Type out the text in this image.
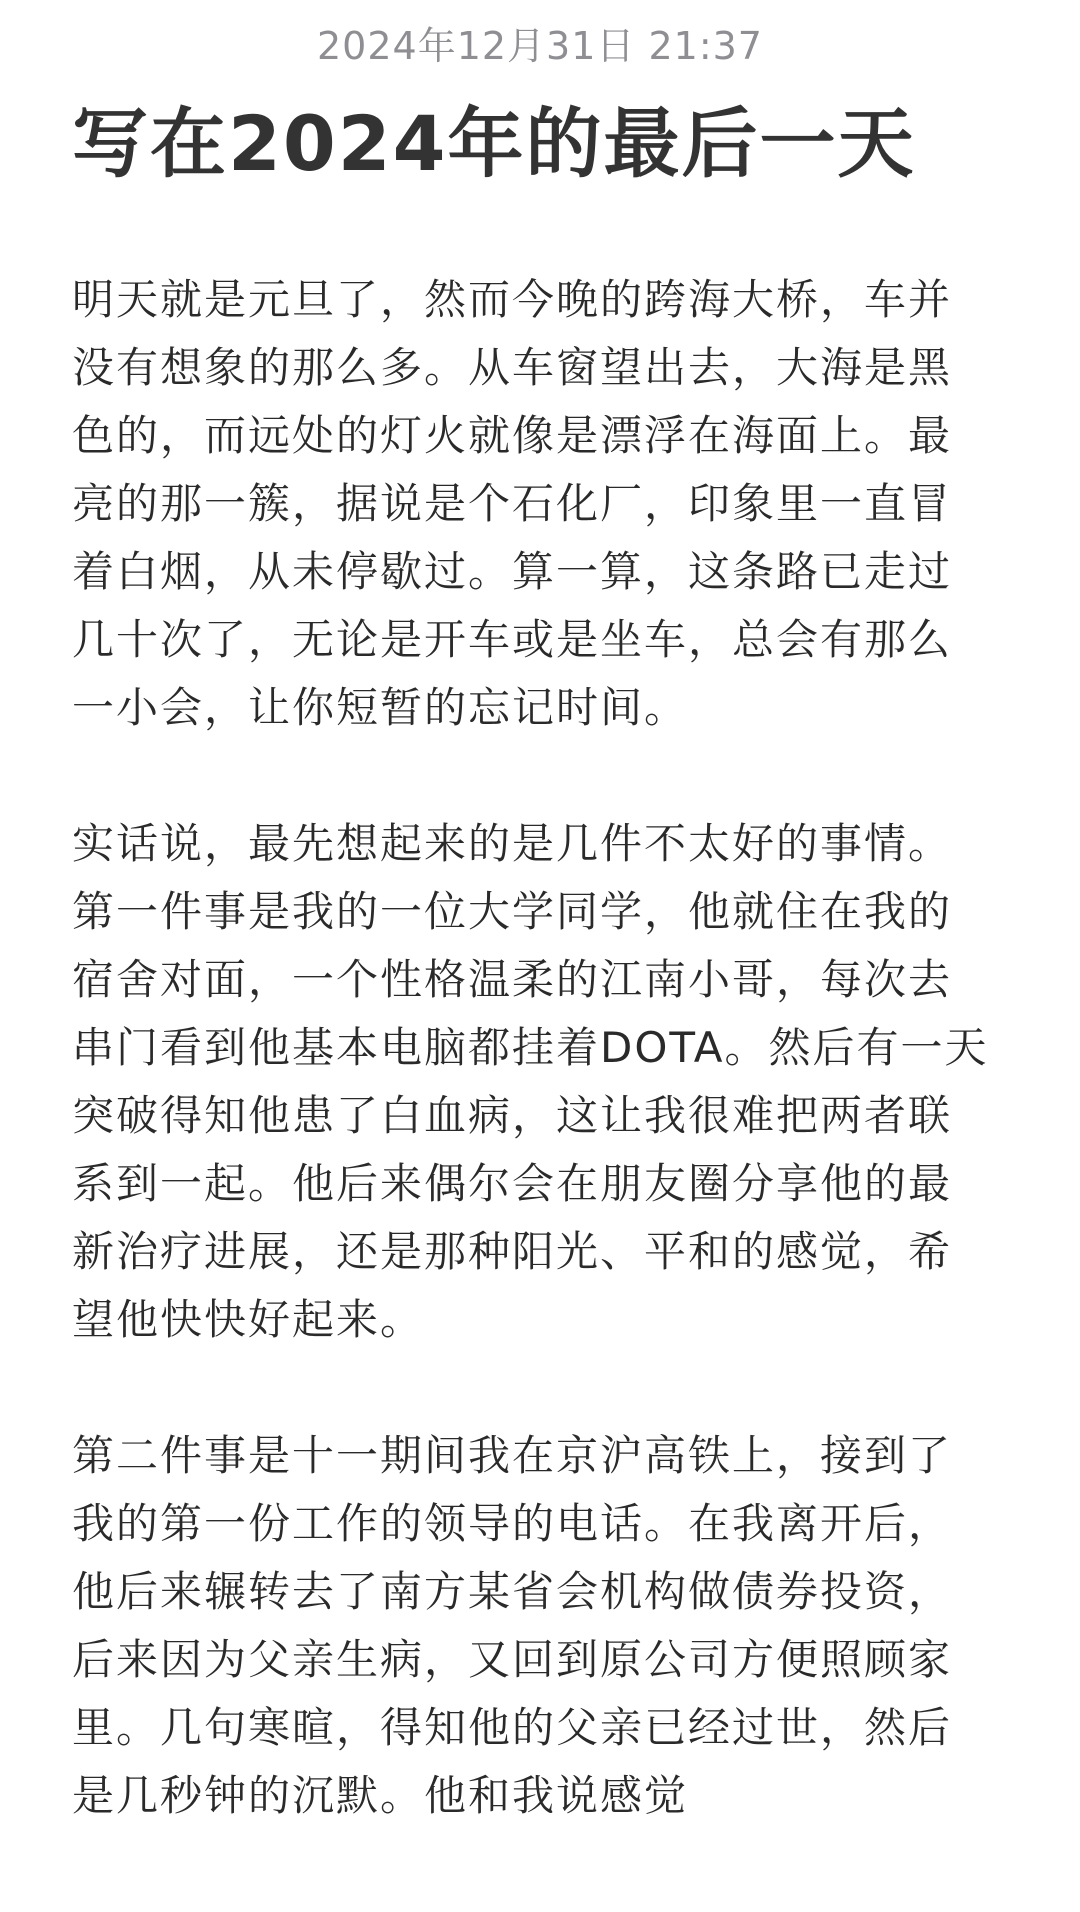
2024年12月31日 21:37
写在2024年的最后一天

明天就是元旦了，然而今晚的跨海大桥，车并没有想象的那么多。从车窗望出去，大海是黑色的，而远处的灯火就像是漂浮在海面上。最亮的那一簇，据说是个石化厂，印象里一直冒着白烟，从未停歇过。算一算，这条路已走过几十次了，无论是开车或是坐车，总会有那么一小会，让你短暂的忘记时间。

实话说，最先想起来的是几件不太好的事情。第一件事是我的一位大学同学，他就住在我的宿舍对面，一个性格温柔的江南小哥，每次去串门看到他基本电脑都挂着DOTA。然后有一天突破得知他患了白血病，这让我很难把两者联系到一起。他后来偶尔会在朋友圈分享他的最新治疗进展，还是那种阳光、平和的感觉，希望他快快好起来。

第二件事是十一期间我在京沪高铁上，接到了我的第一份工作的领导的电话。在我离开后，他后来辗转去了南方某省会机构做债券投资，后来因为父亲生病，又回到原公司方便照顾家里。几句寒暄，得知他的父亲已经过世，然后是几秒钟的沉默。他和我说感觉
